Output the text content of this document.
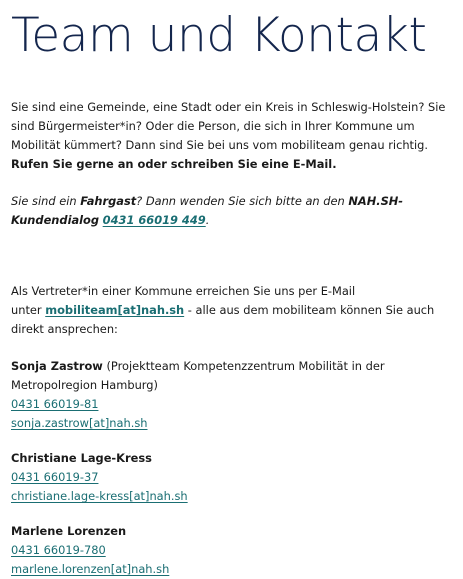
Team und Kontakt

Sie sind eine Gemeinde, eine Stadt oder ein Kreis in Schleswig-Holstein? Sie sind Bürgermeister*in? Oder die Person, die sich in Ihrer Kommune um Mobilität kümmert? Dann sind Sie bei uns vom mobiliteam genau richtig. Rufen Sie gerne an oder schreiben Sie eine E-Mail.

Sie sind ein Fahrgast? Dann wenden Sie sich bitte an den NAH.SH-Kundendialog 0431 66019 449.

Als Vertreter*in einer Kommune erreichen Sie uns per E-Mail
unter mobiliteam[at]nah.sh - alle aus dem mobiliteam können Sie auch direkt ansprechen:

Sonja Zastrow (Projektteam Kompetenzzentrum Mobilität in der Metropolregion Hamburg)

0431 66019-81
sonja.zastrow[at]nah.sh

Christiane Lage-Kress

0431 66019-37
christiane.lage-kress[at]nah.sh

Marlene Lorenzen

0431 66019-780
marlene.lorenzen[at]nah.sh
